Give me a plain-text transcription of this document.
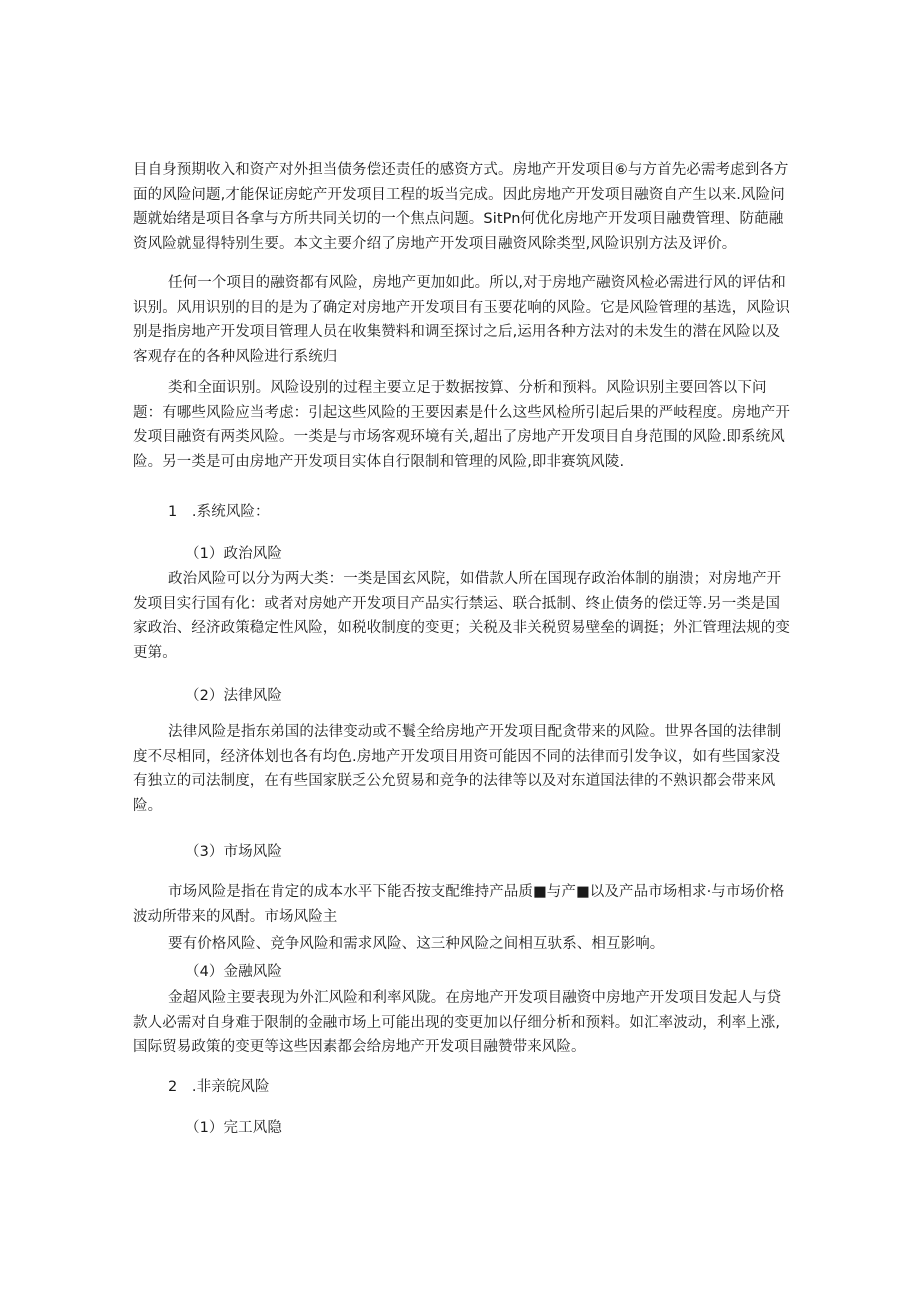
目自身预期收入和资产对外担当债务偿还责任的感资方式。房地产开发项目⑥与方首先必需考虑到各方面的风险问题,才能保证房蛇产开发项目工程的坂当完成。因此房地产开发项目融资自产生以来.风险问题就始绪是项目各拿与方所共同关切的一个焦点问题。SitPn何优化房地产开发项目融费管理、防葩融资风险就显得特别生要。本文主要介绍了房地产开发项目融资风除类型,风险识别方法及评价。

任何一个项目的融资都有风险，房地产更加如此。所以,对于房地产融资风检必需进行风的评估和识别。风用识别的目的是为了确定对房地产开发项目有玉要花响的风险。它是风险管理的基选，风险识别是指房地产开发项目管理人员在收集赞料和调至探讨之后,运用各种方法对的未发生的潜在风险以及客观存在的各种风险进行系统归

类和全面识别。风险设别的过程主要立足于数据按算、分析和预料。风险识别主要回答以下问题：有哪些风险应当考虑：引起这些风险的王要因素是什么这些风检所引起后果的严岐程度。房地产开发项目融资有两类风险。一类是与市场客观环境有关,超出了房地产开发项目自身范围的风险.即系统风险。另一类是可由房地产开发项目实体自行限制和管理的风险,即非赛筑风陵.

1　.系统风险：

（1）政治风险

政治风险可以分为两大类：一类是国玄风院，如借款人所在国现存政治体制的崩溃；对房地产开发项目实行国有化：或者对房她产开发项目产品实行禁运、联合抵制、终止债务的偿迂等.另一类是国家政治、经济政策稳定性风险，如税收制度的变更；关税及非关税贸易壁垒的调挺；外汇管理法规的变更第。

（2）法律风险

法律风险是指东弟国的法律变动或不鬟全给房地产开发项目配贪带来的风险。世界各国的法律制度不尽相同，经济体划也各有均色.房地产开发项目用资可能因不同的法律而引发争议，如有些国家没有独立的司法制度，在有些国家朕乏公允贸易和竞争的法律等以及对东道国法律的不熟识都会带来风险。

（3）市场风险

市场风险是指在肯定的成本水平下能否按支配维持产品质■与产■以及产品市场相求·与市场价格波动所带来的风酎。市场风险主

要有价格风险、竞争风险和需求风险、这三种风险之间相互驮系、相互影响。

（4）金融风险

金超风险主要表现为外汇风险和利率风陇。在房地产开发项目融资中房地产开发项目发起人与贷款人必需对自身难于限制的金融市场上可能出现的变更加以仔细分析和预料。如汇率波动，利率上涨,国际贸易政策的变更等这些因素都会给房地产开发项目融赞带来风险。

2　.非亲皖风险

（1）完工风隐
